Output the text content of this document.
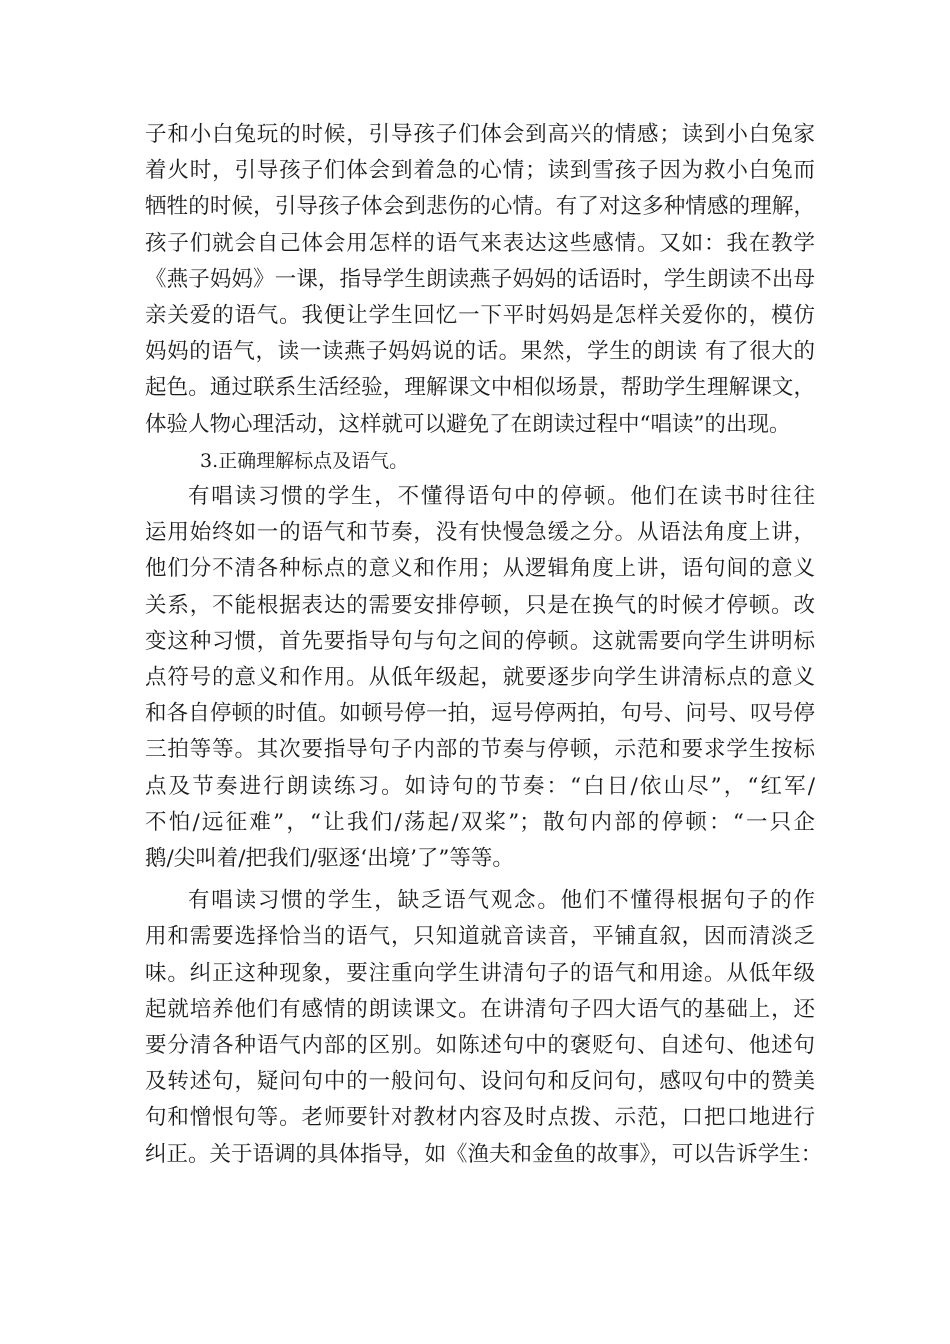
子和小白兔玩的时候，引导孩子们体会到高兴的情感；读到小白兔家
着火时，引导孩子们体会到着急的心情；读到雪孩子因为救小白兔而
牺牲的时候，引导孩子体会到悲伤的心情。有了对这多种情感的理解，
孩子们就会自己体会用怎样的语气来表达这些感情。又如：我在教学
《燕子妈妈》一课，指导学生朗读燕子妈妈的话语时，学生朗读不出母
亲关爱的语气。我便让学生回忆一下平时妈妈是怎样关爱你的，模仿
妈妈的语气，读一读燕子妈妈说的话。果然，学生的朗读 有了很大的
起色。通过联系生活经验，理解课文中相似场景，帮助学生理解课文，
体验人物心理活动，这样就可以避免了在朗读过程中“唱读”的出现。
3.正确理解标点及语气。
有唱读习惯的学生，不懂得语句中的停顿。他们在读书时往往
运用始终如一的语气和节奏，没有快慢急缓之分。从语法角度上讲，
他们分不清各种标点的意义和作用；从逻辑角度上讲，语句间的意义
关系，不能根据表达的需要安排停顿，只是在换气的时候才停顿。改
变这种习惯，首先要指导句与句之间的停顿。这就需要向学生讲明标
点符号的意义和作用。从低年级起，就要逐步向学生讲清标点的意义
和各自停顿的时值。如顿号停一拍，逗号停两拍，句号、问号、叹号停
三拍等等。其次要指导句子内部的节奏与停顿，示范和要求学生按标
点及节奏进行朗读练习。如诗句的节奏：“白日/依山尽”，“红军/
不怕/远征难”，“让我们/荡起/双桨”；散句内部的停顿：“一只企
鹅/尖叫着/把我们/驱逐‘出境’了”等等。
有唱读习惯的学生，缺乏语气观念。他们不懂得根据句子的作
用和需要选择恰当的语气，只知道就音读音，平铺直叙，因而清淡乏
味。纠正这种现象，要注重向学生讲清句子的语气和用途。从低年级
起就培养他们有感情的朗读课文。在讲清句子四大语气的基础上，还
要分清各种语气内部的区别。如陈述句中的褒贬句、自述句、他述句
及转述句，疑问句中的一般问句、设问句和反问句，感叹句中的赞美
句和憎恨句等。老师要针对教材内容及时点拨、示范，口把口地进行
纠正。关于语调的具体指导，如《渔夫和金鱼的故事》，可以告诉学生：
